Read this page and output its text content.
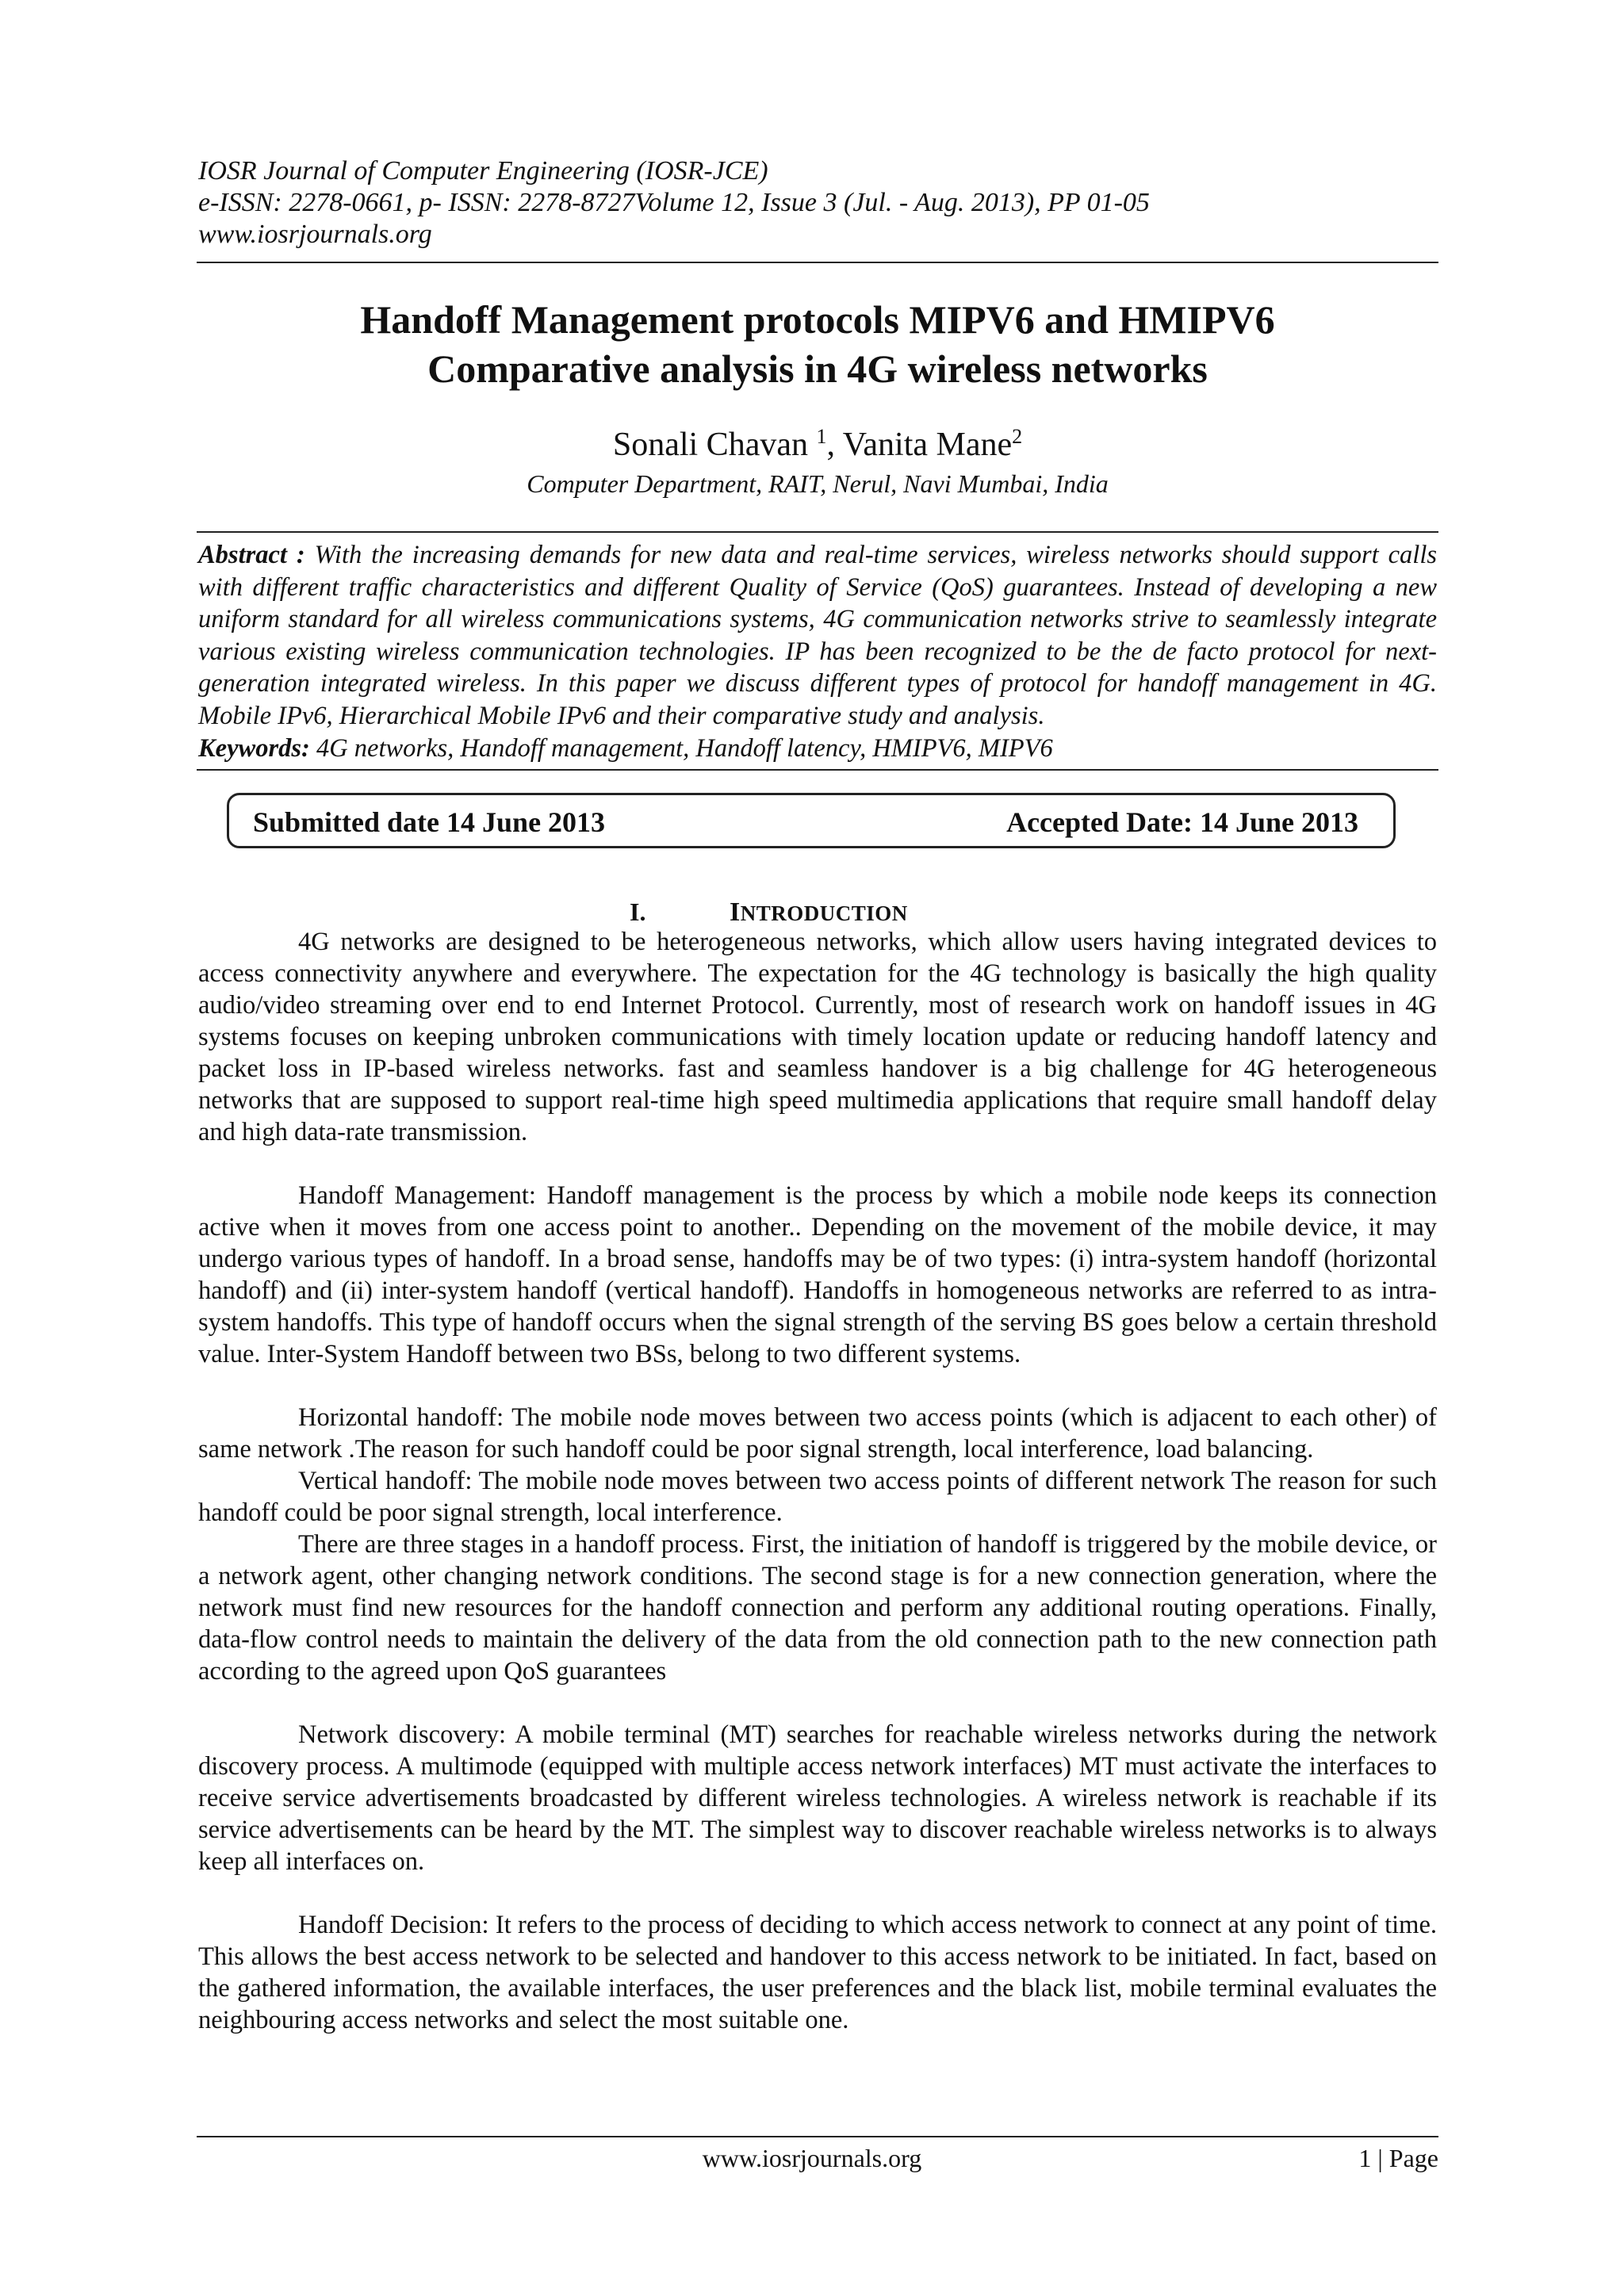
IOSR Journal of Computer Engineering (IOSR-JCE)
e-ISSN: 2278-0661, p- ISSN: 2278-8727Volume 12, Issue 3 (Jul. - Aug. 2013), PP 01-05
www.iosrjournals.org
Handoff Management protocols MIPV6 and HMIPV6
Comparative analysis in 4G wireless networks
Sonali Chavan $^1$, Vanita Mane$^2$
Computer Department, RAIT, Nerul, Navi Mumbai, India
Abstract : With the increasing demands for new data and real-time services, wireless networks should support calls with different traffic characteristics and different Quality of Service (QoS) guarantees. Instead of developing a new uniform standard for all wireless communications systems, 4G communication networks strive to seamlessly integrate various existing wireless communication technologies. IP has been recognized to be the de facto protocol for next-generation integrated wireless. In this paper we discuss different types of protocol for handoff management in 4G. Mobile IPv6, Hierarchical Mobile IPv6 and their comparative study and analysis.
Keywords: 4G networks, Handoff management, Handoff latency, HMIPV6, MIPV6
Submitted date 14 June 2013	Accepted Date: 14 June 2013
I.	INTRODUCTION

4G networks are designed to be heterogeneous networks, which allow users having integrated devices to access connectivity anywhere and everywhere. The expectation for the 4G technology is basically the high quality audio/video streaming over end to end Internet Protocol. Currently, most of research work on handoff issues in 4G systems focuses on keeping unbroken communications with timely location update or reducing handoff latency and packet loss in IP-based wireless networks. fast and seamless handover is a big challenge for 4G heterogeneous networks that are supposed to support real-time high speed multimedia applications that require small handoff delay and high data-rate transmission.

Handoff Management: Handoff management is the process by which a mobile node keeps its connection active when it moves from one access point to another.. Depending on the movement of the mobile device, it may undergo various types of handoff. In a broad sense, handoffs may be of two types: (i) intra-system handoff (horizontal handoff) and (ii) inter-system handoff (vertical handoff). Handoffs in homogeneous networks are referred to as intra-system handoffs. This type of handoff occurs when the signal strength of the serving BS goes below a certain threshold value. Inter-System Handoff between two BSs, belong to two different systems.

Horizontal handoff: The mobile node moves between two access points (which is adjacent to each other) of same network .The reason for such handoff could be poor signal strength, local interference, load balancing.

Vertical handoff: The mobile node moves between two access points of different network The reason for such handoff could be poor signal strength, local interference.

There are three stages in a handoff process. First, the initiation of handoff is triggered by the mobile device, or a network agent, other changing network conditions. The second stage is for a new connection generation, where the network must find new resources for the handoff connection and perform any additional routing operations. Finally, data-flow control needs to maintain the delivery of the data from the old connection path to the new connection path according to the agreed upon QoS guarantees

Network discovery: A mobile terminal (MT) searches for reachable wireless networks during the network discovery process. A multimode (equipped with multiple access network interfaces) MT must activate the interfaces to receive service advertisements broadcasted by different wireless technologies. A wireless network is reachable if its service advertisements can be heard by the MT. The simplest way to discover reachable wireless networks is to always keep all interfaces on.

Handoff Decision: It refers to the process of deciding to which access network to connect at any point of time. This allows the best access network to be selected and handover to this access network to be initiated. In fact, based on the gathered information, the available interfaces, the user preferences and the black list, mobile terminal evaluates the neighbouring access networks and select the most suitable one.

www.iosrjournals.org	1 | Page
